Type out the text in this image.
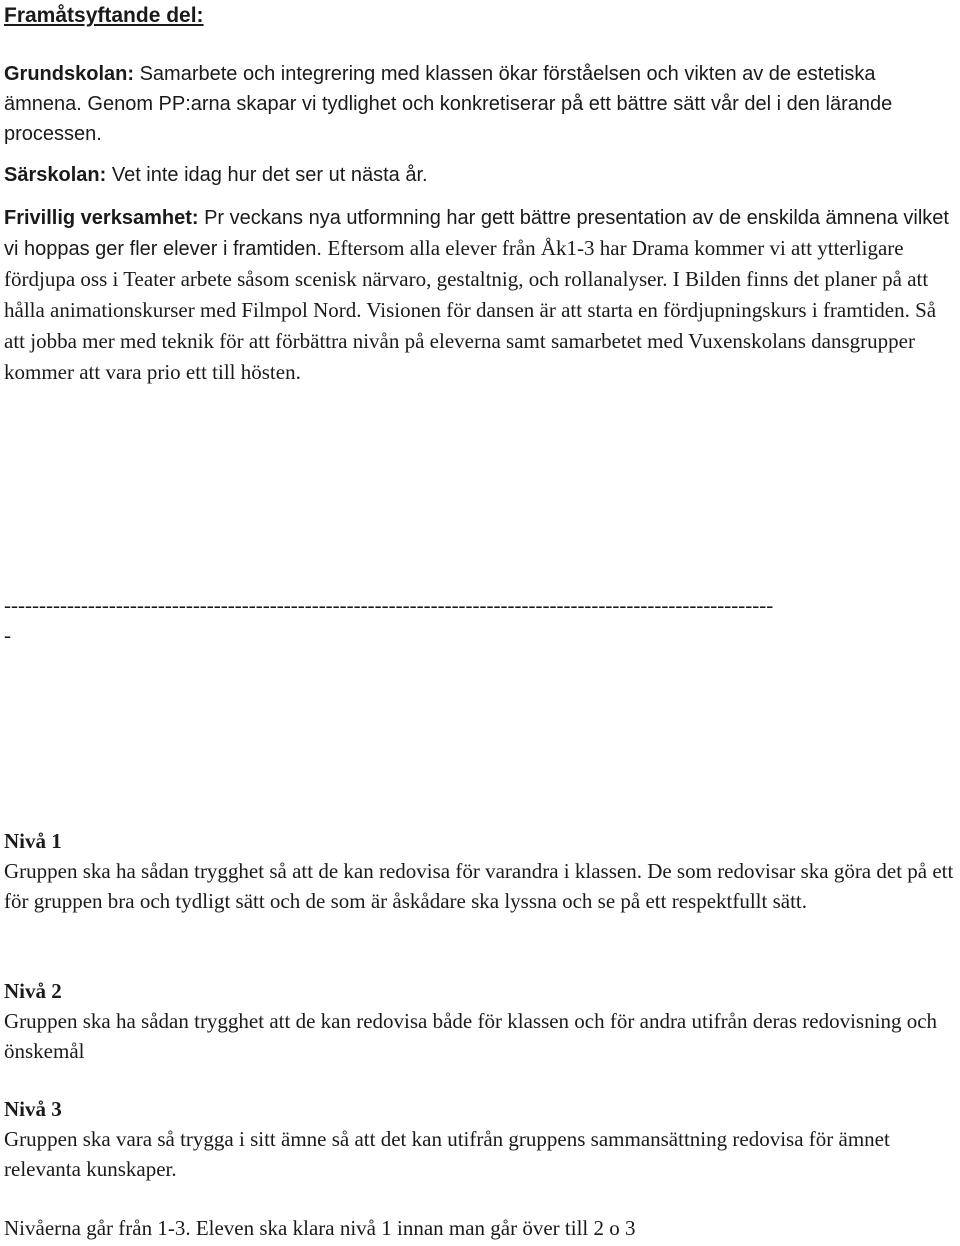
Framåtsyftande del:

Grundskolan: Samarbete och integrering med klassen ökar förståelsen och vikten av de estetiska ämnena. Genom PP:arna skapar vi tydlighet och konkretiserar på ett bättre sätt vår del i den lärande processen.

Särskolan: Vet inte idag hur det ser ut nästa år.

Frivillig verksamhet: Pr veckans nya utformning har gett bättre presentation av de enskilda ämnena vilket vi hoppas ger fler elever i framtiden. Eftersom alla elever från Åk1-3 har Drama kommer vi att ytterligare fördjupa oss i Teater arbete såsom scenisk närvaro, gestaltnig, och rollanalyser. I Bilden finns det planer på att hålla animationskurser med Filmpol Nord. Visionen för dansen är att starta en fördjupningskurs i framtiden. Så att jobba mer med teknik för att förbättra nivån på eleverna samt samarbetet med Vuxenskolans dansgrupper kommer att vara prio ett till hösten.

--------------------------------------------------------------------------------------------------------------
-
Nivå 1
Gruppen ska ha sådan trygghet så att de kan redovisa för varandra i klassen. De som redovisar ska göra det på ett för gruppen bra och tydligt sätt och de som är åskådare ska lyssna och se på ett respektfullt sätt.
Nivå 2
Gruppen ska ha sådan trygghet att de kan redovisa både för klassen och för andra utifrån deras redovisning och önskemål
Nivå 3
Gruppen ska vara så trygga i sitt ämne så att det kan utifrån gruppens sammansättning redovisa för ämnet relevanta kunskaper.
Nivåerna går från 1-3. Eleven ska klara nivå 1 innan man går över till 2 o 3
